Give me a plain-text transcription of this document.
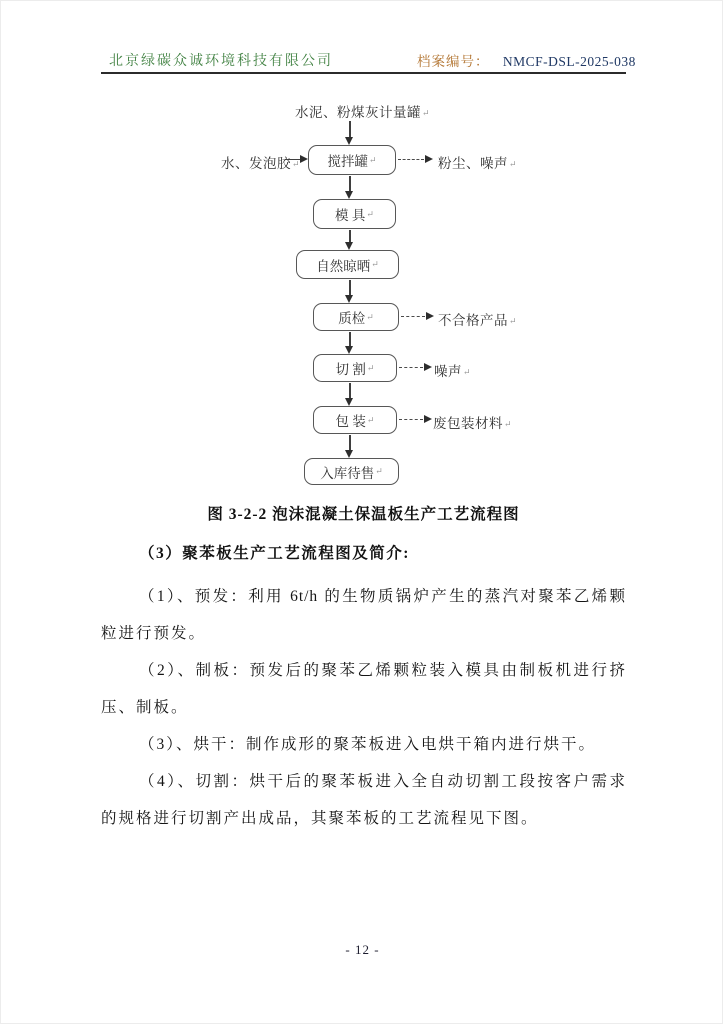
北京绿碳众诚环境科技有限公司	档案编号： NMCF-DSL-2025-038
水泥、粉煤灰计量罐↵
水、发泡胶↵ 搅拌罐 ↵
模 具 ↵
自然晾晒 ↵
质检 ↵
切 割 ↵
包 装 ↵
入库待售 ↵
粉尘、噪声↵
不合格产品↵
噪声↵
废包装材料↵
图 3-2-2 泡沫混凝土保温板生产工艺流程图
（3）聚苯板生产工艺流程图及简介:
（1）、预发：利用 6t/h 的生物质锅炉产生的蒸汽对聚苯乙烯颗
粒进行预发。
（2）、制板：预发后的聚苯乙烯颗粒装入模具由制板机进行挤
压、制板。
（3）、烘干：制作成形的聚苯板进入电烘干箱内进行烘干。
（4）、切割：烘干后的聚苯板进入全自动切割工段按客户需求
的规格进行切割产出成品，其聚苯板的工艺流程见下图。
- 12 -
